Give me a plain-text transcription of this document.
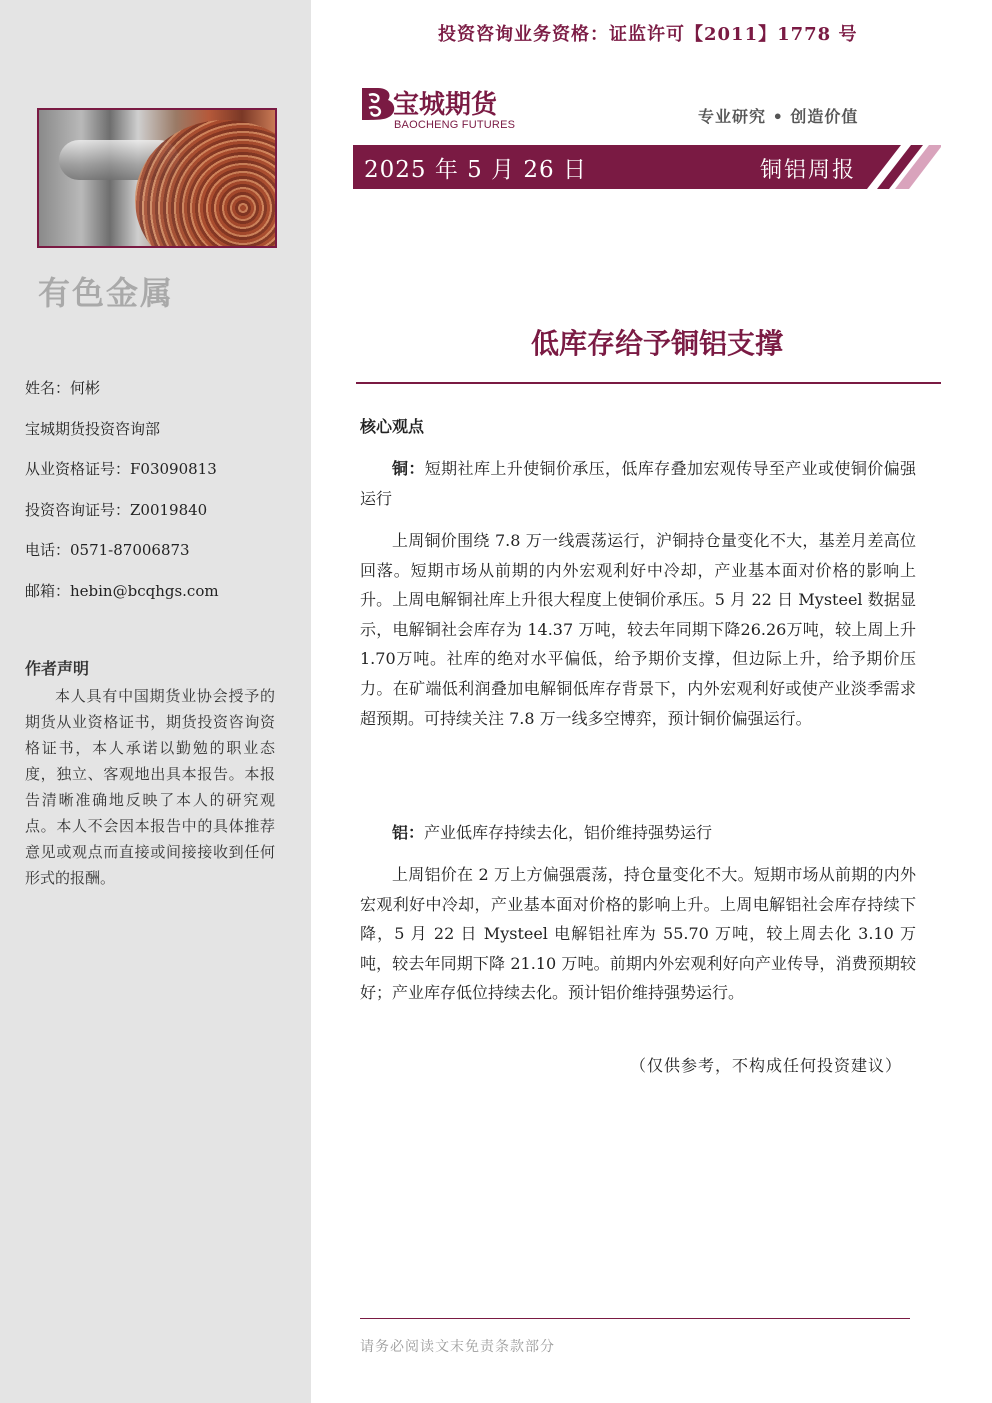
有色金属
姓名：何彬
宝城期货投资咨询部
从业资格证号：F03090813
投资咨询证号：Z0019840
电话：0571-87006873
邮箱：hebin@bcqhgs.com
作者声明
本人具有中国期货业协会授予的期货从业资格证书，期货投资咨询资格证书，本人承诺以勤勉的职业态度，独立、客观地出具本报告。本报告清晰准确地反映了本人的研究观点。本人不会因本报告中的具体推荐意见或观点而直接或间接接收到任何形式的报酬。
投资咨询业务资格：证监许可【2011】1778 号
宝城期货
BAOCHENG FUTURES	专业研究 • 创造价值
2025 年 5 月 26 日	铜铝周报
低库存给予铜铝支撑
核心观点
铜：短期社库上升使铜价承压，低库存叠加宏观传导至产业或使铜价偏强运行
上周铜价围绕 7.8 万一线震荡运行，沪铜持仓量变化不大，基差月差高位回落。短期市场从前期的内外宏观利好中冷却，产业基本面对价格的影响上升。上周电解铜社库上升很大程度上使铜价承压。5 月 22 日 Mysteel 数据显示，电解铜社会库存为 14.37 万吨，较去年同期下降26.26万吨，较上周上升1.70万吨。社库的绝对水平偏低，给予期价支撑，但边际上升，给予期价压力。在矿端低利润叠加电解铜低库存背景下，内外宏观利好或使产业淡季需求超预期。可持续关注 7.8 万一线多空博弈，预计铜价偏强运行。
铝：产业低库存持续去化，铝价维持强势运行
上周铝价在 2 万上方偏强震荡，持仓量变化不大。短期市场从前期的内外宏观利好中冷却，产业基本面对价格的影响上升。上周电解铝社会库存持续下降，5 月 22 日 Mysteel 电解铝社库为 55.70 万吨，较上周去化 3.10 万吨，较去年同期下降 21.10 万吨。前期内外宏观利好向产业传导，消费预期较好；产业库存低位持续去化。预计铝价维持强势运行。
（仅供参考，不构成任何投资建议）
请务必阅读文末免责条款部分
